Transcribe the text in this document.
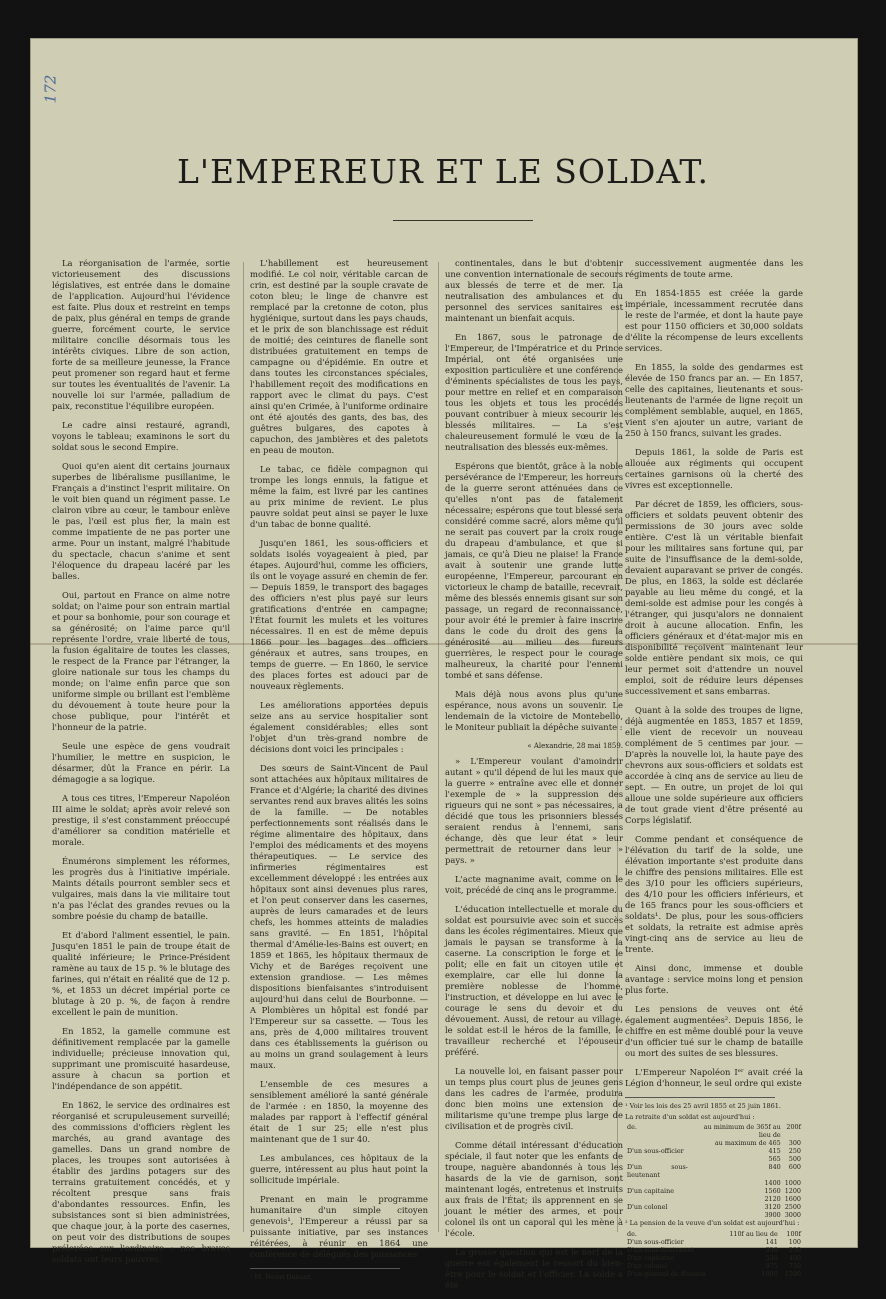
172
L'EMPEREUR ET LE SOLDAT.

La réorganisation de l'armée, sortie victorieusement des discussions législatives, est entrée dans le domaine de l'application. Aujourd'hui l'évidence est faite. Plus doux et restreint en temps de paix, plus général en temps de grande guerre, forcément courte, le service militaire concilie désormais tous les intérêts civiques. Libre de son action, forte de sa meilleure jeunesse, la France peut promener son regard haut et ferme sur toutes les éventualités de l'avenir. La nouvelle loi sur l'armée, palladium de paix, reconstitue l'équilibre européen.

Le cadre ainsi restauré, agrandi, voyons le tableau; examinons le sort du soldat sous le second Empire.

Quoi qu'en aient dit certains journaux superbes de libéralisme pusillanime, le Français a d'instinct l'esprit militaire. On le voit bien quand un régiment passe. Le clairon vibre au cœur, le tambour enlève le pas, l'œil est plus fier, la main est comme impatiente de ne pas porter une arme. Pour un instant, malgré l'habitude du spectacle, chacun s'anime et sent l'éloquence du drapeau lacéré par les balles.

Oui, partout en France on aime notre soldat; on l'aime pour son entrain martial et pour sa bonhomie, pour son courage et sa générosité; on l'aime parce qu'il représente l'ordre, vraie liberté de tous, la fusion égalitaire de toutes les classes, le respect de la France par l'étranger, la gloire nationale sur tous les champs du monde; on l'aime enfin parce que son uniforme simple ou brillant est l'emblème du dévouement à toute heure pour la chose publique, pour l'intérêt et l'honneur de la patrie.

Seule une espèce de gens voudrait l'humilier, le mettre en suspicion, le désarmer, dût la France en périr. La démagogie a sa logique.

A tous ces titres, l'Empereur Napoléon III aime le soldat; après avoir relevé son prestige, il s'est constamment préoccupé d'améliorer sa condition matérielle et morale.

Énumérons simplement les réformes, les progrès dus à l'initiative impériale. Maints détails pourront sembler secs et vulgaires, mais dans la vie militaire tout n'a pas l'éclat des grandes revues ou la sombre poésie du champ de bataille.

Et d'abord l'aliment essentiel, le pain. Jusqu'en 1851 le pain de troupe était de qualité inférieure; le Prince-Président ramène au taux de 15 p. % le blutage des farines, qui n'était en réalité que de 12 p. %, et 1853 un décret impérial porte ce blutage à 20 p. %, de façon à rendre excellent le pain de munition.

En 1852, la gamelle commune est définitivement remplacée par la gamelle individuelle; précieuse innovation qui, supprimant une promiscuité hasardeuse, assure à chacun sa portion et l'indépendance de son appétit.

En 1862, le service des ordinaires est réorganisé et scrupuleusement surveillé; des commissions d'officiers règlent les marchés, au grand avantage des gamelles. Dans un grand nombre de places, les troupes sont autorisées à établir des jardins potagers sur des terrains gratuitement concédés, et y récoltent presque sans frais d'abondantes ressources. Enfin, les subsistances sont si bien administrées, que chaque jour, à la porte des casernes, on peut voir des distributions de soupes prélevées sur l'ordinaire : nos braves soldats ont leurs pauvres.

L'habillement est heureusement modifié. Le col noir, véritable carcan de crin, est destiné par la souple cravate de coton bleu; le linge de chanvre est remplacé par la cretonne de coton, plus hygiénique, surtout dans les pays chauds, et le prix de son blanchissage est réduit de moitié; des ceintures de flanelle sont distribuées gratuitement en temps de campagne ou d'épidémie. En outre et dans toutes les circonstances spéciales, l'habillement reçoit des modifications en rapport avec le climat du pays. C'est ainsi qu'en Crimée, à l'uniforme ordinaire ont été ajoutés des gants, des bas, des guêtres bulgares, des capotes à capuchon, des jambières et des paletots en peau de mouton.

Le tabac, ce fidèle compagnon qui trompe les longs ennuis, la fatigue et même la faim, est livré par les cantines au prix minime de revient. Le plus pauvre soldat peut ainsi se payer le luxe d'un tabac de bonne qualité.

Jusqu'en 1861, les sous-officiers et soldats isolés voyageaient à pied, par étapes. Aujourd'hui, comme les officiers, ils ont le voyage assuré en chemin de fer. — Depuis 1859, le transport des bagages des officiers n'est plus payé sur leurs gratifications d'entrée en campagne; l'État fournit les mulets et les voitures nécessaires. Il en est de même depuis 1866 pour les bagages des officiers généraux et autres, sans troupes, en temps de guerre. — En 1860, le service des places fortes est adouci par de nouveaux règlements.

Les améliorations apportées depuis seize ans au service hospitalier sont également considérables; elles sont l'objet d'un très-grand nombre de décisions dont voici les principales :

Des sœurs de Saint-Vincent de Paul sont attachées aux hôpitaux militaires de France et d'Algérie; la charité des divines servantes rend aux braves alités les soins de la famille. — De notables perfectionnements sont réalisés dans le régime alimentaire des hôpitaux, dans l'emploi des médicaments et des moyens thérapeutiques. — Le service des infirmeries régimentaires est excellemment développé : les entrées aux hôpitaux sont ainsi devenues plus rares, et l'on peut conserver dans les casernes, auprès de leurs camarades et de leurs chefs, les hommes atteints de maladies sans gravité. — En 1851, l'hôpital thermal d'Amélie-les-Bains est ouvert; en 1859 et 1865, les hôpitaux thermaux de Vichy et de Baréges reçoivent une extension grandiose. — Les mêmes dispositions bienfaisantes s'introduisent aujourd'hui dans celui de Bourbonne. — A Plombières un hôpital est fondé par l'Empereur sur sa cassette. — Tous les ans, près de 4,000 militaires trouvent dans ces établissements la guérison ou au moins un grand soulagement à leurs maux.

L'ensemble de ces mesures a sensiblement amélioré la santé générale de l'armée : en 1850, la moyenne des malades par rapport à l'effectif général était de 1 sur 25; elle n'est plus maintenant que de 1 sur 40.

Les ambulances, ces hôpitaux de la guerre, intéressent au plus haut point la sollicitude impériale.

Prenant en main le programme humanitaire d'un simple citoyen genevois¹, l'Empereur a réussi par sa puissante initiative, par ses instances réitérées, à réunir en 1864 une conférence de délégués des puissances

¹ M. Henri Dunant.

continentales, dans le but d'obtenir une convention internationale de secours aux blessés de terre et de mer. La neutralisation des ambulances et du personnel des services sanitaires est maintenant un bienfait acquis.

En 1867, sous le patronage de l'Empereur, de l'Impératrice et du Prince Impérial, ont été organisées une exposition particulière et une conférence d'éminents spécialistes de tous les pays, pour mettre en relief et en comparaison tous les objets et tous les procédés pouvant contribuer à mieux secourir les blessés militaires. — La s'est chaleureusement formulé le vœu de la neutralisation des blessés eux-mêmes.

Espérons que bientôt, grâce à la noble persévérance de l'Empereur, les horreurs de la guerre seront atténuées dans ce qu'elles n'ont pas de fatalement nécessaire; espérons que tout blessé sera considéré comme sacré, alors même qu'il ne serait pas couvert par la croix rouge du drapeau d'ambulance, et que si jamais, ce qu'à Dieu ne plaise! la France avait à soutenir une grande lutte européenne, l'Empereur, parcourant en victorieux le champ de bataille, recevrait, même des blessés ennemis gisant sur son passage, un regard de reconnaissance, pour avoir été le premier à faire inscrire dans le code du droit des gens la générosité au milieu des fureurs guerrières, le respect pour le courage malheureux, la charité pour l'ennemi tombé et sans défense.

Mais déjà nous avons plus qu'une espérance, nous avons un souvenir. Le lendemain de la victoire de Montebello, le Moniteur publiait la dépêche suivante :

« Alexandrie, 28 mai 1859.

» L'Empereur voulant d'amoindrir autant » qu'il dépend de lui les maux que la guerre » entraîne avec elle et donner l'exemple de » la suppression des rigueurs qui ne sont » pas nécessaires, a décidé que tous les prisonniers blessés seraient rendus à l'ennemi, sans échange, dès que leur état » leur permettrait de retourner dans leur » pays. »

L'acte magnanime avait, comme on le voit, précédé de cinq ans le programme.

L'éducation intellectuelle et morale du soldat est poursuivie avec soin et succès dans les écoles régimentaires. Mieux que jamais le paysan se transforme à la caserne. La conscription le forge et le polit; elle en fait un citoyen utile et exemplaire, car elle lui donne la première noblesse de l'homme, l'instruction, et développe en lui avec le courage le sens du devoir et du dévouement. Aussi, de retour au village, le soldat est-il le héros de la famille, le travailleur recherché et l'épouseur préféré.

La nouvelle loi, en faisant passer pour un temps plus court plus de jeunes gens dans les cadres de l'armée, produira donc bien moins une extension de militarisme qu'une trempe plus large de civilisation et de progrès civil.

Comme détail intéressant d'éducation spéciale, il faut noter que les enfants de troupe, naguère abandonnés à tous les hasards de la vie de garnison, sont maintenant logés, entretenus et instruits aux frais de l'État; ils apprennent en se jouant le métier des armes, et pour colonel ils ont un caporal qui les mène à l'école.

La grosse question qui est le nerf de la guerre est également le ressort du bien-être pour le soldat et l'officier. La solde a été

successivement augmentée dans les régiments de toute arme.

En 1854-1855 est créée la garde impériale, incessamment recrutée dans le reste de l'armée, et dont la haute paye est pour 1150 officiers et 30,000 soldats d'élite la récompense de leurs excellents services.

En 1855, la solde des gendarmes est élevée de 150 francs par an. — En 1857, celle des capitaines, lieutenants et sous-lieutenants de l'armée de ligne reçoit un complément semblable, auquel, en 1865, vient s'en ajouter un autre, variant de 250 à 150 francs, suivant les grades.

Depuis 1861, la solde de Paris est allouée aux régiments qui occupent certaines garnisons où la cherté des vivres est exceptionnelle.

Par décret de 1859, les officiers, sous-officiers et soldats peuvent obtenir des permissions de 30 jours avec solde entière. C'est là un véritable bienfait pour les militaires sans fortune qui, par suite de l'insuffisance de la demi-solde, devaient auparavant se priver de congés. De plus, en 1863, la solde est déclarée payable au lieu même du congé, et la demi-solde est admise pour les congés à l'étranger, qui jusqu'alors ne donnaient droit à aucune allocation. Enfin, les officiers généraux et d'état-major mis en disponibilité reçoivent maintenant leur solde entière pendant six mois, ce qui leur permet soit d'attendre un nouvel emploi, soit de réduire leurs dépenses successivement et sans embarras.

Quant à la solde des troupes de ligne, déjà augmentée en 1853, 1857 et 1859, elle vient de recevoir un nouveau complément de 5 centimes par jour. — D'après la nouvelle loi, la haute paye des chevrons aux sous-officiers et soldats est accordée à cinq ans de service au lieu de sept. — En outre, un projet de loi qui alloue une solde supérieure aux officiers de tout grade vient d'être présenté au Corps législatif.

Comme pendant et conséquence de l'élévation du tarif de la solde, une élévation importante s'est produite dans le chiffre des pensions militaires. Elle est des 3/10 pour les officiers supérieurs, des 4/10 pour les officiers inférieurs, et de 165 francs pour les sous-officiers et soldats¹. De plus, pour les sous-officiers et soldats, la retraite est admise après vingt-cinq ans de service au lieu de trente.

Ainsi donc, immense et double avantage : service moins long et pension plus forte.

Les pensions de veuves ont été également augmentées². Depuis 1856, le chiffre en est même doublé pour la veuve d'un officier tué sur le champ de bataille ou mort des suites de ses blessures.

L'Empereur Napoléon Iᵉʳ avait créé la Légion d'honneur, le seul ordre qui existe

¹ Voir les lois des 25 avril 1855 et 25 juin 1861.

La retraite d'un soldat est aujourd'hui :

de.	au minimum de 365f au lieu de	200f
	au maximum de 465	300
D'un sous-officier	415	250
	565	500
D'un sous-lieutenant	840	600
	1400	1000
D'un capitaine	1560	1200
	2120	1600
D'un colonel	3120	2500
	3900	3000

² La pension de la veuve d'un soldat est aujourd'hui :

de.	110f au lieu de	100f
D'un sous-officier	141	100
D'un sous-lieutenant	350	250
D'un capitaine	530	400
D'un colonel	975	750
D'un général de division	1900	1500
